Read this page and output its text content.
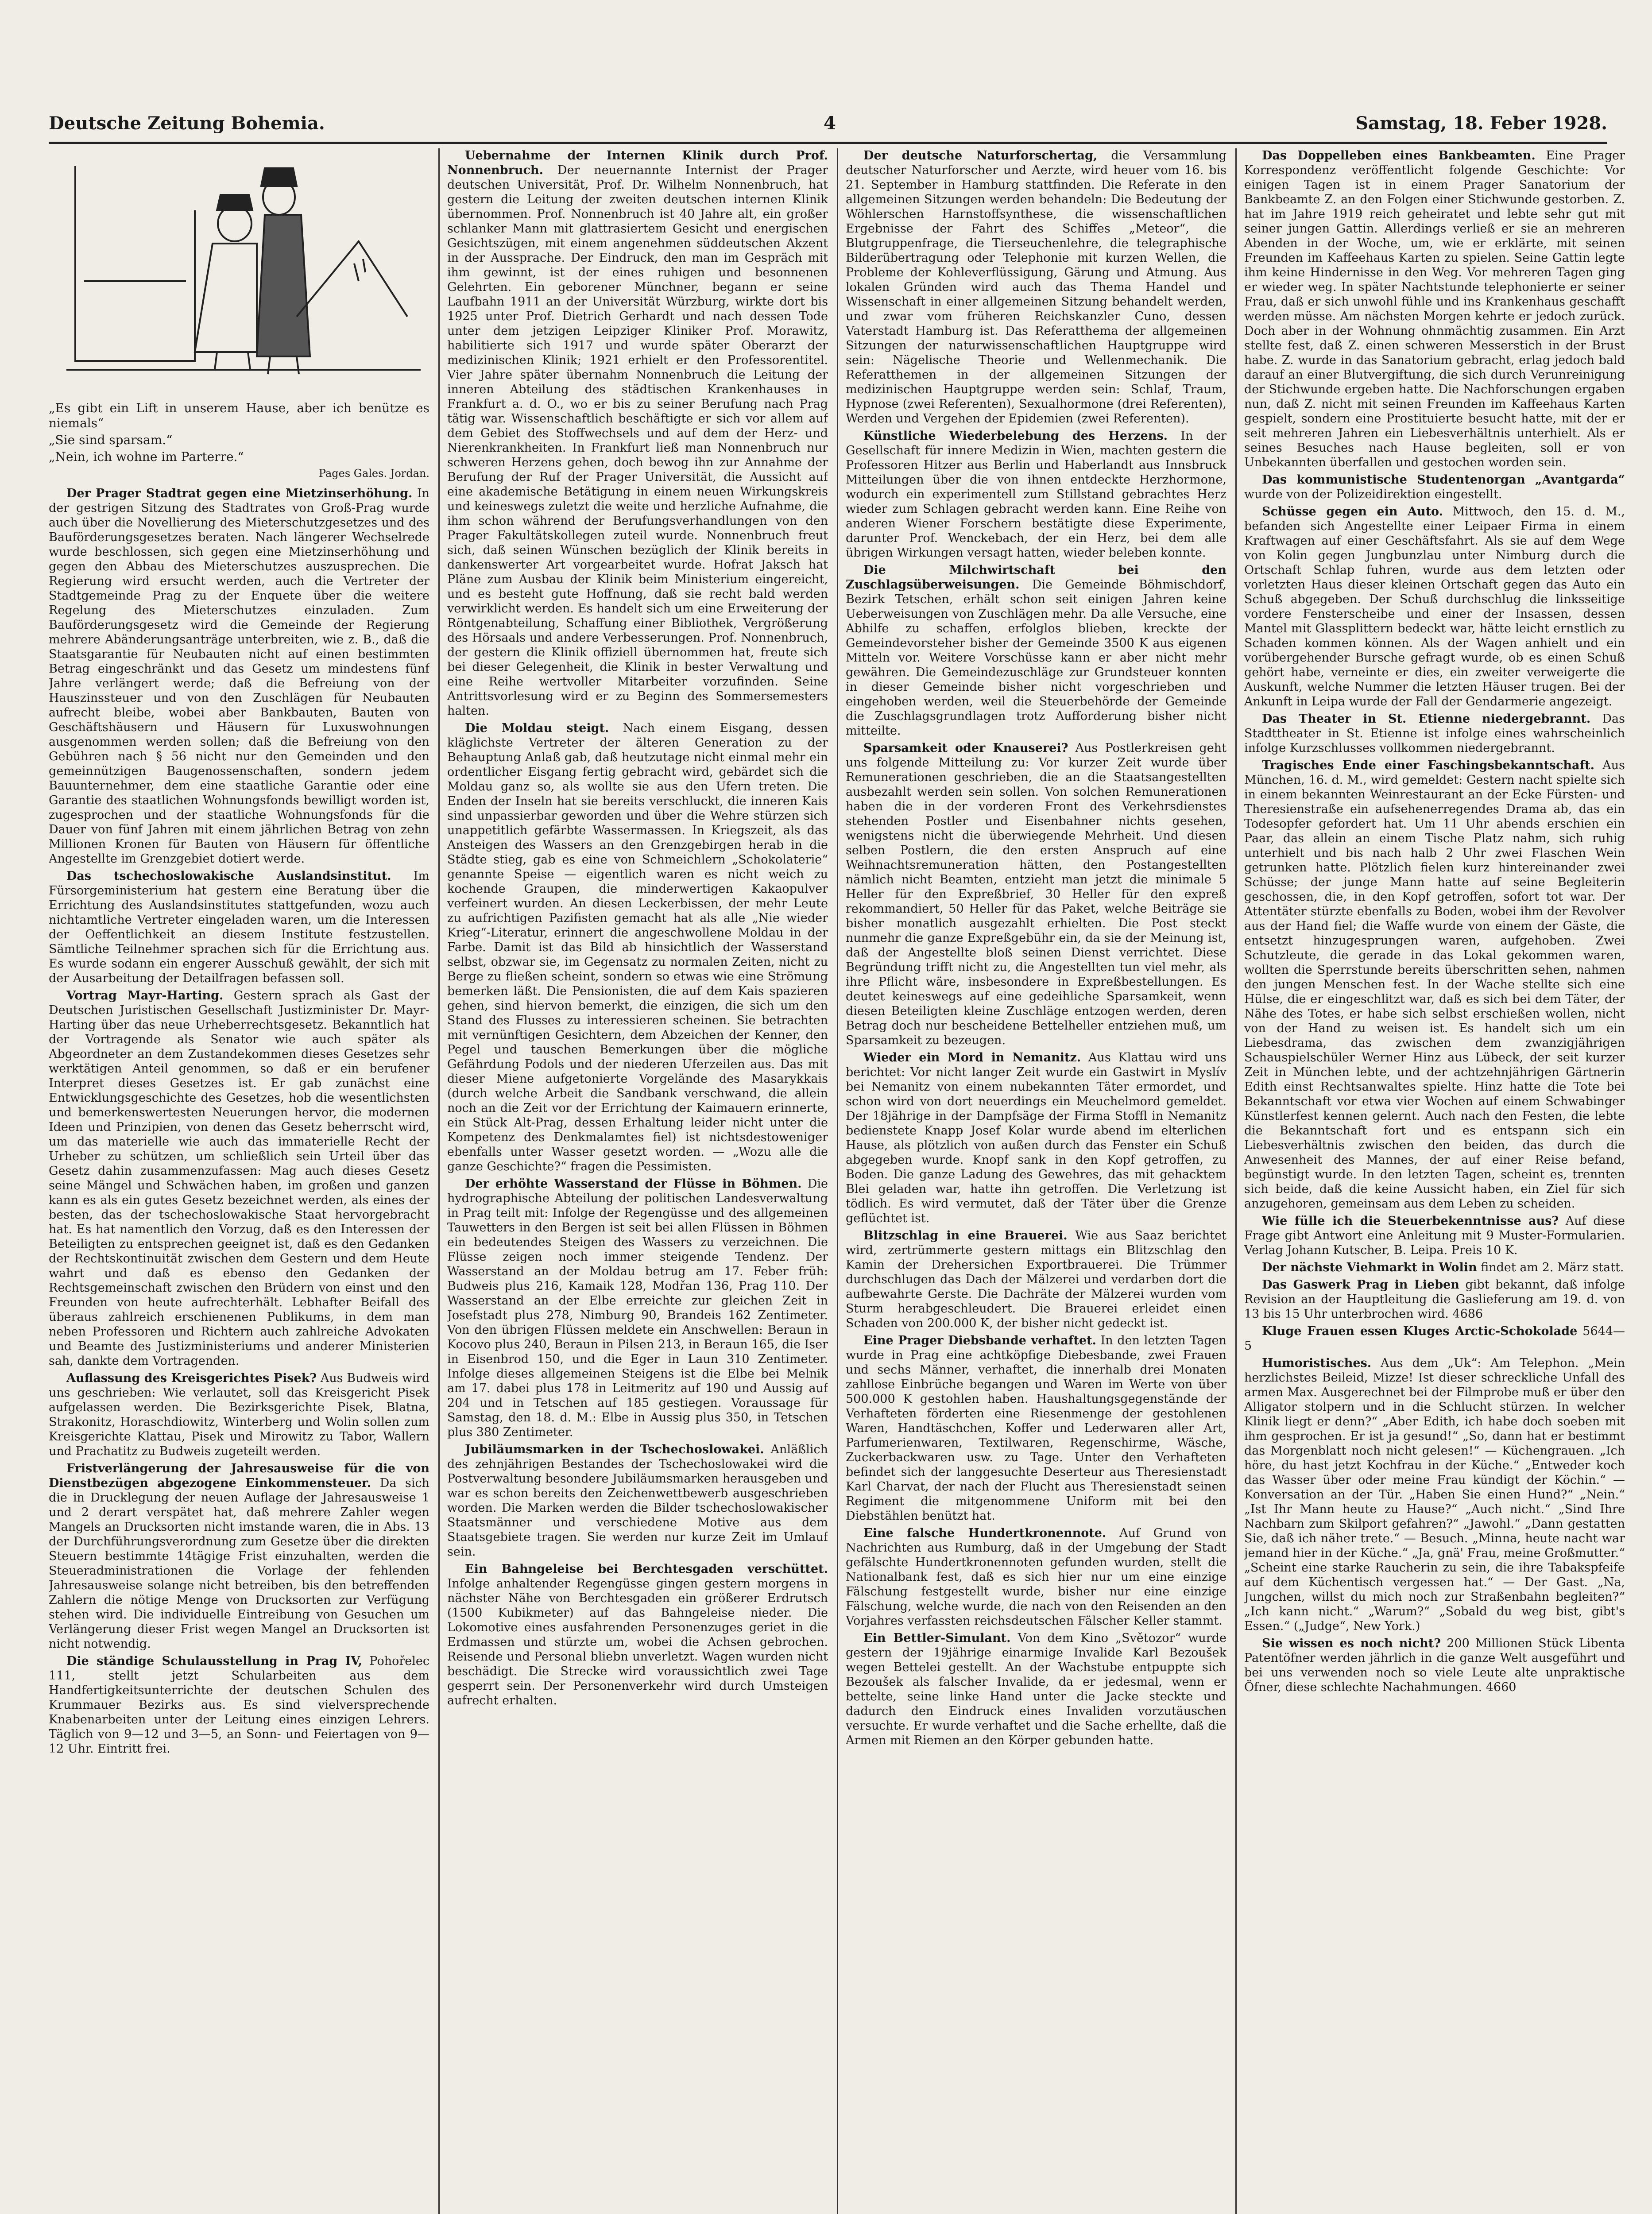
Deutsche Zeitung Bohemia.	4	Samstag, 18. Feber 1928.

„Es gibt ein Lift in unserem Hause, aber ich benütze es niemals“

„Sie sind sparsam.“

„Nein, ich wohne im Parterre.“

Pages Gales. Jordan.

Der Prager Stadtrat gegen eine Mietzinserhöhung. In der gestrigen Sitzung des Stadtrates von Groß-Prag wurde auch über die Novellierung des Mieterschutzgesetzes und des Bauförderungsgesetzes beraten. Nach längerer Wechselrede wurde beschlossen, sich gegen eine Mietzinserhöhung und gegen den Abbau des Mieterschutzes auszusprechen. Die Regierung wird ersucht werden, auch die Vertreter der Stadtgemeinde Prag zu der Enquete über die weitere Regelung des Mieterschutzes einzuladen. Zum Bauförderungsgesetz wird die Gemeinde der Regierung mehrere Abänderungsanträge unterbreiten, wie z. B., daß die Staatsgarantie für Neubauten nicht auf einen bestimmten Betrag eingeschränkt und das Gesetz um mindestens fünf Jahre verlängert werde; daß die Befreiung von der Hauszinssteuer und von den Zuschlägen für Neubauten aufrecht bleibe, wobei aber Bankbauten, Bauten von Geschäftshäusern und Häusern für Luxuswohnungen ausgenommen werden sollen; daß die Befreiung von den Gebühren nach § 56 nicht nur den Gemeinden und den gemeinnützigen Baugenossenschaften, sondern jedem Bauunternehmer, dem eine staatliche Garantie oder eine Garantie des staatlichen Wohnungsfonds bewilligt worden ist, zugesprochen und der staatliche Wohnungsfonds für die Dauer von fünf Jahren mit einem jährlichen Betrag von zehn Millionen Kronen für Bauten von Häusern für öffentliche Angestellte im Grenzgebiet dotiert werde.

Das tschechoslowakische Auslandsinstitut. Im Fürsorgeministerium hat gestern eine Beratung über die Errichtung des Auslandsinstitutes stattgefunden, wozu auch nichtamtliche Vertreter eingeladen waren, um die Interessen der Oeffentlichkeit an diesem Institute festzustellen. Sämtliche Teilnehmer sprachen sich für die Errichtung aus. Es wurde sodann ein engerer Ausschuß gewählt, der sich mit der Ausarbeitung der Detailfragen befassen soll.

Vortrag Mayr-Harting. Gestern sprach als Gast der Deutschen Juristischen Gesellschaft Justizminister Dr. Mayr-Harting über das neue Urheberrechtsgesetz. Bekanntlich hat der Vortragende als Senator wie auch später als Abgeordneter an dem Zustandekommen dieses Gesetzes sehr werktätigen Anteil genommen, so daß er ein berufener Interpret dieses Gesetzes ist. Er gab zunächst eine Entwicklungsgeschichte des Gesetzes, hob die wesentlichsten und bemerkenswertesten Neuerungen hervor, die modernen Ideen und Prinzipien, von denen das Gesetz beherrscht wird, um das materielle wie auch das immaterielle Recht der Urheber zu schützen, um schließlich sein Urteil über das Gesetz dahin zusammenzufassen: Mag auch dieses Gesetz seine Mängel und Schwächen haben, im großen und ganzen kann es als ein gutes Gesetz bezeichnet werden, als eines der besten, das der tschechoslowakische Staat hervorgebracht hat. Es hat namentlich den Vorzug, daß es den Interessen der Beteiligten zu entsprechen geeignet ist, daß es den Gedanken der Rechtskontinuität zwischen dem Gestern und dem Heute wahrt und daß es ebenso den Gedanken der Rechtsgemeinschaft zwischen den Brüdern von einst und den Freunden von heute aufrechterhält. Lebhafter Beifall des überaus zahlreich erschienenen Publikums, in dem man neben Professoren und Richtern auch zahlreiche Advokaten und Beamte des Justizministeriums und anderer Ministerien sah, dankte dem Vortragenden.

Auflassung des Kreisgerichtes Pisek? Aus Budweis wird uns geschrieben: Wie verlautet, soll das Kreisgericht Pisek aufgelassen werden. Die Bezirksgerichte Pisek, Blatna, Strakonitz, Horaschdiowitz, Winterberg und Wolin sollen zum Kreisgerichte Klattau, Pisek und Mirowitz zu Tabor, Wallern und Prachatitz zu Budweis zugeteilt werden.

Fristverlängerung der Jahresausweise für die von Dienstbezügen abgezogene Einkommensteuer. Da sich die in Drucklegung der neuen Auflage der Jahresausweise 1 und 2 derart verspätet hat, daß mehrere Zahler wegen Mangels an Drucksorten nicht imstande waren, die in Abs. 13 der Durchführungsverordnung zum Gesetze über die direkten Steuern bestimmte 14tägige Frist einzuhalten, werden die Steueradministrationen die Vorlage der fehlenden Jahresausweise solange nicht betreiben, bis den betreffenden Zahlern die nötige Menge von Drucksorten zur Verfügung stehen wird. Die individuelle Eintreibung von Gesuchen um Verlängerung dieser Frist wegen Mangel an Drucksorten ist nicht notwendig.

Die ständige Schulausstellung in Prag IV, Pohořelec 111, stellt jetzt Schularbeiten aus dem Handfertigkeitsunterrichte der deutschen Schulen des Krummauer Bezirks aus. Es sind vielversprechende Knabenarbeiten unter der Leitung eines einzigen Lehrers. Täglich von 9—12 und 3—5, an Sonn- und Feiertagen von 9—12 Uhr. Eintritt frei.

Uebernahme der Internen Klinik durch Prof. Nonnenbruch. Der neuernannte Internist der Prager deutschen Universität, Prof. Dr. Wilhelm Nonnenbruch, hat gestern die Leitung der zweiten deutschen internen Klinik übernommen. Prof. Nonnenbruch ist 40 Jahre alt, ein großer schlanker Mann mit glattrasiertem Gesicht und energischen Gesichtszügen, mit einem angenehmen süddeutschen Akzent in der Aussprache. Der Eindruck, den man im Gespräch mit ihm gewinnt, ist der eines ruhigen und besonnenen Gelehrten. Ein geborener Münchner, begann er seine Laufbahn 1911 an der Universität Würzburg, wirkte dort bis 1925 unter Prof. Dietrich Gerhardt und nach dessen Tode unter dem jetzigen Leipziger Kliniker Prof. Morawitz, habilitierte sich 1917 und wurde später Oberarzt der medizinischen Klinik; 1921 erhielt er den Professorentitel. Vier Jahre später übernahm Nonnenbruch die Leitung der inneren Abteilung des städtischen Krankenhauses in Frankfurt a. d. O., wo er bis zu seiner Berufung nach Prag tätig war. Wissenschaftlich beschäftigte er sich vor allem auf dem Gebiet des Stoffwechsels und auf dem der Herz- und Nierenkrankheiten. In Frankfurt ließ man Nonnenbruch nur schweren Herzens gehen, doch bewog ihn zur Annahme der Berufung der Ruf der Prager Universität, die Aussicht auf eine akademische Betätigung in einem neuen Wirkungskreis und keineswegs zuletzt die weite und herzliche Aufnahme, die ihm schon während der Berufungsverhandlungen von den Prager Fakultätskollegen zuteil wurde. Nonnenbruch freut sich, daß seinen Wünschen bezüglich der Klinik bereits in dankenswerter Art vorgearbeitet wurde. Hofrat Jaksch hat Pläne zum Ausbau der Klinik beim Ministerium eingereicht, und es besteht gute Hoffnung, daß sie recht bald werden verwirklicht werden. Es handelt sich um eine Erweiterung der Röntgenabteilung, Schaffung einer Bibliothek, Vergrößerung des Hörsaals und andere Verbesserungen. Prof. Nonnenbruch, der gestern die Klinik offiziell übernommen hat, freute sich bei dieser Gelegenheit, die Klinik in bester Verwaltung und eine Reihe wertvoller Mitarbeiter vorzufinden. Seine Antrittsvorlesung wird er zu Beginn des Sommersemesters halten.

Die Moldau steigt. Nach einem Eisgang, dessen kläglichste Vertreter der älteren Generation zu der Behauptung Anlaß gab, daß heutzutage nicht einmal mehr ein ordentlicher Eisgang fertig gebracht wird, gebärdet sich die Moldau ganz so, als wollte sie aus den Ufern treten. Die Enden der Inseln hat sie bereits verschluckt, die inneren Kais sind unpassierbar geworden und über die Wehre stürzen sich unappetitlich gefärbte Wassermassen. In Kriegszeit, als das Ansteigen des Wassers an den Grenzgebirgen herab in die Städte stieg, gab es eine von Schmeichlern „Schokolaterie“ genannte Speise — eigentlich waren es nicht weich zu kochende Graupen, die minderwertigen Kakaopulver verfeinert wurden. An diesen Leckerbissen, der mehr Leute zu aufrichtigen Pazifisten gemacht hat als alle „Nie wieder Krieg“-Literatur, erinnert die angeschwollene Moldau in der Farbe. Damit ist das Bild ab hinsichtlich der Wasserstand selbst, obzwar sie, im Gegensatz zu normalen Zeiten, nicht zu Berge zu fließen scheint, sondern so etwas wie eine Strömung bemerken läßt. Die Pensionisten, die auf dem Kais spazieren gehen, sind hiervon bemerkt, die einzigen, die sich um den Stand des Flusses zu interessieren scheinen. Sie betrachten mit vernünftigen Gesichtern, dem Abzeichen der Kenner, den Pegel und tauschen Bemerkungen über die mögliche Gefährdung Podols und der niederen Uferzeilen aus. Das mit dieser Miene aufgetonierte Vorgelände des Masarykkais (durch welche Arbeit die Sandbank verschwand, die allein noch an die Zeit vor der Errichtung der Kaimauern erinnerte, ein Stück Alt-Prag, dessen Erhaltung leider nicht unter die Kompetenz des Denkmalamtes fiel) ist nichtsdestoweniger ebenfalls unter Wasser gesetzt worden. — „Wozu alle die ganze Geschichte?“ fragen die Pessimisten.

Der erhöhte Wasserstand der Flüsse in Böhmen. Die hydrographische Abteilung der politischen Landesverwaltung in Prag teilt mit: Infolge der Regengüsse und des allgemeinen Tauwetters in den Bergen ist seit bei allen Flüssen in Böhmen ein bedeutendes Steigen des Wassers zu verzeichnen. Die Flüsse zeigen noch immer steigende Tendenz. Der Wasserstand an der Moldau betrug am 17. Feber früh: Budweis plus 216, Kamaik 128, Modřan 136, Prag 110. Der Wasserstand an der Elbe erreichte zur gleichen Zeit in Josefstadt plus 278, Nimburg 90, Brandeis 162 Zentimeter. Von den übrigen Flüssen meldete ein Anschwellen: Beraun in Kocovo plus 240, Beraun in Pilsen 213, in Beraun 165, die Iser in Eisenbrod 150, und die Eger in Laun 310 Zentimeter. Infolge dieses allgemeinen Steigens ist die Elbe bei Melnik am 17. dabei plus 178 in Leitmeritz auf 190 und Aussig auf 204 und in Tetschen auf 185 gestiegen. Voraussage für Samstag, den 18. d. M.: Elbe in Aussig plus 350, in Tetschen plus 380 Zentimeter.

Jubiläumsmarken in der Tschechoslowakei. Anläßlich des zehnjährigen Bestandes der Tschechoslowakei wird die Postverwaltung besondere Jubiläumsmarken herausgeben und war es schon bereits den Zeichenwettbewerb ausgeschrieben worden. Die Marken werden die Bilder tschechoslowakischer Staatsmänner und verschiedene Motive aus dem Staatsgebiete tragen. Sie werden nur kurze Zeit im Umlauf sein.

Ein Bahngeleise bei Berchtesgaden verschüttet. Infolge anhaltender Regengüsse gingen gestern morgens in nächster Nähe von Berchtesgaden ein größerer Erdrutsch (1500 Kubikmeter) auf das Bahngeleise nieder. Die Lokomotive eines ausfahrenden Personenzuges geriet in die Erdmassen und stürzte um, wobei die Achsen gebrochen. Reisende und Personal bliebn unverletzt. Wagen wurden nicht beschädigt. Die Strecke wird voraussichtlich zwei Tage gesperrt sein. Der Personenverkehr wird durch Umsteigen aufrecht erhalten.

Der deutsche Naturforschertag, die Versammlung deutscher Naturforscher und Aerzte, wird heuer vom 16. bis 21. September in Hamburg stattfinden. Die Referate in den allgemeinen Sitzungen werden behandeln: Die Bedeutung der Wöhlerschen Harnstoffsynthese, die wissenschaftlichen Ergebnisse der Fahrt des Schiffes „Meteor“, die Blutgruppenfrage, die Tierseuchenlehre, die telegraphische Bilderübertragung oder Telephonie mit kurzen Wellen, die Probleme der Kohleverflüssigung, Gärung und Atmung. Aus lokalen Gründen wird auch das Thema Handel und Wissenschaft in einer allgemeinen Sitzung behandelt werden, und zwar vom früheren Reichskanzler Cuno, dessen Vaterstadt Hamburg ist. Das Referatthema der allgemeinen Sitzungen der naturwissenschaftlichen Hauptgruppe wird sein: Nägelische Theorie und Wellenmechanik. Die Referatthemen in der allgemeinen Sitzungen der medizinischen Hauptgruppe werden sein: Schlaf, Traum, Hypnose (zwei Referenten), Sexualhormone (drei Referenten), Werden und Vergehen der Epidemien (zwei Referenten).

Künstliche Wiederbelebung des Herzens. In der Gesellschaft für innere Medizin in Wien, machten gestern die Professoren Hitzer aus Berlin und Haberlandt aus Innsbruck Mitteilungen über die von ihnen entdeckte Herzhormone, wodurch ein experimentell zum Stillstand gebrachtes Herz wieder zum Schlagen gebracht werden kann. Eine Reihe von anderen Wiener Forschern bestätigte diese Experimente, darunter Prof. Wenckebach, der ein Herz, bei dem alle übrigen Wirkungen versagt hatten, wieder beleben konnte.

Die Milchwirtschaft bei den Zuschlagsüberweisungen. Die Gemeinde Böhmischdorf, Bezirk Tetschen, erhält schon seit einigen Jahren keine Ueberweisungen von Zuschlägen mehr. Da alle Versuche, eine Abhilfe zu schaffen, erfolglos blieben, kreckte der Gemeindevorsteher bisher der Gemeinde 3500 K aus eigenen Mitteln vor. Weitere Vorschüsse kann er aber nicht mehr gewähren. Die Gemeindezuschläge zur Grundsteuer konnten in dieser Gemeinde bisher nicht vorgeschrieben und eingehoben werden, weil die Steuerbehörde der Gemeinde die Zuschlagsgrundlagen trotz Aufforderung bisher nicht mitteilte.

Sparsamkeit oder Knauserei? Aus Postlerkreisen geht uns folgende Mitteilung zu: Vor kurzer Zeit wurde über Remunerationen geschrieben, die an die Staatsangestellten ausbezahlt werden sein sollen. Von solchen Remunerationen haben die in der vorderen Front des Verkehrsdienstes stehenden Postler und Eisenbahner nichts gesehen, wenigstens nicht die überwiegende Mehrheit. Und diesen selben Postlern, die den ersten Anspruch auf eine Weihnachtsremuneration hätten, den Postangestellten nämlich nicht Beamten, entzieht man jetzt die minimale 5 Heller für den Expreßbrief, 30 Heller für den expreß rekommandiert, 50 Heller für das Paket, welche Beiträge sie bisher monatlich ausgezahlt erhielten. Die Post steckt nunmehr die ganze Expreßgebühr ein, da sie der Meinung ist, daß der Angestellte bloß seinen Dienst verrichtet. Diese Begründung trifft nicht zu, die Angestellten tun viel mehr, als ihre Pflicht wäre, insbesondere in Expreßbestellungen. Es deutet keineswegs auf eine gedeihliche Sparsamkeit, wenn diesen Beteiligten kleine Zuschläge entzogen werden, deren Betrag doch nur bescheidene Bettelheller entziehen muß, um Sparsamkeit zu bezeugen.

Wieder ein Mord in Nemanitz. Aus Klattau wird uns berichtet: Vor nicht langer Zeit wurde ein Gastwirt in Myslív bei Nemanitz von einem nubekannten Täter ermordet, und schon wird von dort neuerdings ein Meuchelmord gemeldet. Der 18jährige in der Dampfsäge der Firma Stoffl in Nemanitz bedienstete Knapp Josef Kolar wurde abend im elterlichen Hause, als plötzlich von außen durch das Fenster ein Schuß abgegeben wurde. Knopf sank in den Kopf getroffen, zu Boden. Die ganze Ladung des Gewehres, das mit gehacktem Blei geladen war, hatte ihn getroffen. Die Verletzung ist tödlich. Es wird vermutet, daß der Täter über die Grenze geflüchtet ist.

Blitzschlag in eine Brauerei. Wie aus Saaz berichtet wird, zertrümmerte gestern mittags ein Blitzschlag den Kamin der Drehersichen Exportbrauerei. Die Trümmer durchschlugen das Dach der Mälzerei und verdarben dort die aufbewahrte Gerste. Die Dachräte der Mälzerei wurden vom Sturm herabgeschleudert. Die Brauerei erleidet einen Schaden von 200.000 K, der bisher nicht gedeckt ist.

Eine Prager Diebsbande verhaftet. In den letzten Tagen wurde in Prag eine achtköpfige Diebesbande, zwei Frauen und sechs Männer, verhaftet, die innerhalb drei Monaten zahllose Einbrüche begangen und Waren im Werte von über 500.000 K gestohlen haben. Haushaltungsgegenstände der Verhafteten förderten eine Riesenmenge der gestohlenen Waren, Handtäschchen, Koffer und Lederwaren aller Art, Parfumerienwaren, Textilwaren, Regenschirme, Wäsche, Zuckerbackwaren usw. zu Tage. Unter den Verhafteten befindet sich der langgesuchte Deserteur aus Theresienstadt Karl Charvat, der nach der Flucht aus Theresienstadt seinen Regiment die mitgenommene Uniform mit bei den Diebstählen benützt hat.

Eine falsche Hundertkronennote. Auf Grund von Nachrichten aus Rumburg, daß in der Umgebung der Stadt gefälschte Hundertkronennoten gefunden wurden, stellt die Nationalbank fest, daß es sich hier nur um eine einzige Fälschung festgestellt wurde, bisher nur eine einzige Fälschung, welche wurde, die nach von den Reisenden an den Vorjahres verfassten reichsdeutschen Fälscher Keller stammt.

Ein Bettler-Simulant. Von dem Kino „Světozor“ wurde gestern der 19jährige einarmige Invalide Karl Bezoušek wegen Bettelei gestellt. An der Wachstube entpuppte sich Bezoušek als falscher Invalide, da er jedesmal, wenn er bettelte, seine linke Hand unter die Jacke steckte und dadurch den Eindruck eines Invaliden vorzutäuschen versuchte. Er wurde verhaftet und die Sache erhellte, daß die Armen mit Riemen an den Körper gebunden hatte.

Das Doppelleben eines Bankbeamten. Eine Prager Korrespondenz veröffentlicht folgende Geschichte: Vor einigen Tagen ist in einem Prager Sanatorium der Bankbeamte Z. an den Folgen einer Stichwunde gestorben. Z. hat im Jahre 1919 reich geheiratet und lebte sehr gut mit seiner jungen Gattin. Allerdings verließ er sie an mehreren Abenden in der Woche, um, wie er erklärte, mit seinen Freunden im Kaffeehaus Karten zu spielen. Seine Gattin legte ihm keine Hindernisse in den Weg. Vor mehreren Tagen ging er wieder weg. In später Nachtstunde telephonierte er seiner Frau, daß er sich unwohl fühle und ins Krankenhaus geschafft werden müsse. Am nächsten Morgen kehrte er jedoch zurück. Doch aber in der Wohnung ohnmächtig zusammen. Ein Arzt stellte fest, daß Z. einen schweren Messerstich in der Brust habe. Z. wurde in das Sanatorium gebracht, erlag jedoch bald darauf an einer Blutvergiftung, die sich durch Verunreinigung der Stichwunde ergeben hatte. Die Nachforschungen ergaben nun, daß Z. nicht mit seinen Freunden im Kaffeehaus Karten gespielt, sondern eine Prostituierte besucht hatte, mit der er seit mehreren Jahren ein Liebesverhältnis unterhielt. Als er seines Besuches nach Hause begleiten, soll er von Unbekannten überfallen und gestochen worden sein.

Das kommunistische Studentenorgan „Avantgarda“ wurde von der Polizeidirektion eingestellt.

Schüsse gegen ein Auto. Mittwoch, den 15. d. M., befanden sich Angestellte einer Leipaer Firma in einem Kraftwagen auf einer Geschäftsfahrt. Als sie auf dem Wege von Kolin gegen Jungbunzlau unter Nimburg durch die Ortschaft Schlap fuhren, wurde aus dem letzten oder vorletzten Haus dieser kleinen Ortschaft gegen das Auto ein Schuß abgegeben. Der Schuß durchschlug die linksseitige vordere Fensterscheibe und einer der Insassen, dessen Mantel mit Glassplittern bedeckt war, hätte leicht ernstlich zu Schaden kommen können. Als der Wagen anhielt und ein vorübergehender Bursche gefragt wurde, ob es einen Schuß gehört habe, verneinte er dies, ein zweiter verweigerte die Auskunft, welche Nummer die letzten Häuser trugen. Bei der Ankunft in Leipa wurde der Fall der Gendarmerie angezeigt.

Das Theater in St. Etienne niedergebrannt. Das Stadttheater in St. Etienne ist infolge eines wahrscheinlich infolge Kurzschlusses vollkommen niedergebrannt.

Tragisches Ende einer Faschingsbekanntschaft. Aus München, 16. d. M., wird gemeldet: Gestern nacht spielte sich in einem bekannten Weinrestaurant an der Ecke Fürsten- und Theresienstraße ein aufsehenerregendes Drama ab, das ein Todesopfer gefordert hat. Um 11 Uhr abends erschien ein Paar, das allein an einem Tische Platz nahm, sich ruhig unterhielt und bis nach halb 2 Uhr zwei Flaschen Wein getrunken hatte. Plötzlich fielen kurz hintereinander zwei Schüsse; der junge Mann hatte auf seine Begleiterin geschossen, die, in den Kopf getroffen, sofort tot war. Der Attentäter stürzte ebenfalls zu Boden, wobei ihm der Revolver aus der Hand fiel; die Waffe wurde von einem der Gäste, die entsetzt hinzugesprungen waren, aufgehoben. Zwei Schutzleute, die gerade in das Lokal gekommen waren, wollten die Sperrstunde bereits überschritten sehen, nahmen den jungen Menschen fest. In der Wache stellte sich eine Hülse, die er eingeschlitzt war, daß es sich bei dem Täter, der Nähe des Totes, er habe sich selbst erschießen wollen, nicht von der Hand zu weisen ist. Es handelt sich um ein Liebesdrama, das zwischen dem zwanzigjährigen Schauspielschüler Werner Hinz aus Lübeck, der seit kurzer Zeit in München lebte, und der achtzehnjährigen Gärtnerin Edith einst Rechtsanwaltes spielte. Hinz hatte die Tote bei Bekanntschaft vor etwa vier Wochen auf einem Schwabinger Künstlerfest kennen gelernt. Auch nach den Festen, die lebte die Bekanntschaft fort und es entspann sich ein Liebesverhältnis zwischen den beiden, das durch die Anwesenheit des Mannes, der auf einer Reise befand, begünstigt wurde. In den letzten Tagen, scheint es, trennten sich beide, daß die keine Aussicht haben, ein Ziel für sich anzugehoren, gemeinsam aus dem Leben zu scheiden.

Wie fülle ich die Steuerbekenntnisse aus? Auf diese Frage gibt Antwort eine Anleitung mit 9 Muster-Formularien. Verlag Johann Kutscher, B. Leipa. Preis 10 K.

Der nächste Viehmarkt in Wolin findet am 2. März statt.

Das Gaswerk Prag in Lieben gibt bekannt, daß infolge Revision an der Hauptleitung die Gaslieferung am 19. d. von 13 bis 15 Uhr unterbrochen wird. 4686

Kluge Frauen essen Kluges Arctic-Schokolade 5644—5

Humoristisches. Aus dem „Uk“: Am Telephon. „Mein herzlichstes Beileid, Mizze! Ist dieser schreckliche Unfall des armen Max. Ausgerechnet bei der Filmprobe muß er über den Alligator stolpern und in die Schlucht stürzen. In welcher Klinik liegt er denn?“ „Aber Edith, ich habe doch soeben mit ihm gesprochen. Er ist ja gesund!“ „So, dann hat er bestimmt das Morgenblatt noch nicht gelesen!“ — Küchengrauen. „Ich höre, du hast jetzt Kochfrau in der Küche.“ „Entweder koch das Wasser über oder meine Frau kündigt der Köchin.“ — Konversation an der Tür. „Haben Sie einen Hund?“ „Nein.“ „Ist Ihr Mann heute zu Hause?“ „Auch nicht.“ „Sind Ihre Nachbarn zum Skilport gefahren?“ „Jawohl.“ „Dann gestatten Sie, daß ich näher trete.“ — Besuch. „Minna, heute nacht war jemand hier in der Küche.“ „Ja, gnä' Frau, meine Großmutter.“ „Scheint eine starke Raucherin zu sein, die ihre Tabakspfeife auf dem Küchentisch vergessen hat.“ — Der Gast. „Na, Jungchen, willst du mich noch zur Straßenbahn begleiten?“ „Ich kann nicht.“ „Warum?“ „Sobald du weg bist, gibt's Essen.“ („Judge“, New York.)

Sie wissen es noch nicht? 200 Millionen Stück Libenta Patentöfner werden jährlich in die ganze Welt ausgeführt und bei uns verwenden noch so viele Leute alte unpraktische Öfner, diese schlechte Nachahmungen. 4660
